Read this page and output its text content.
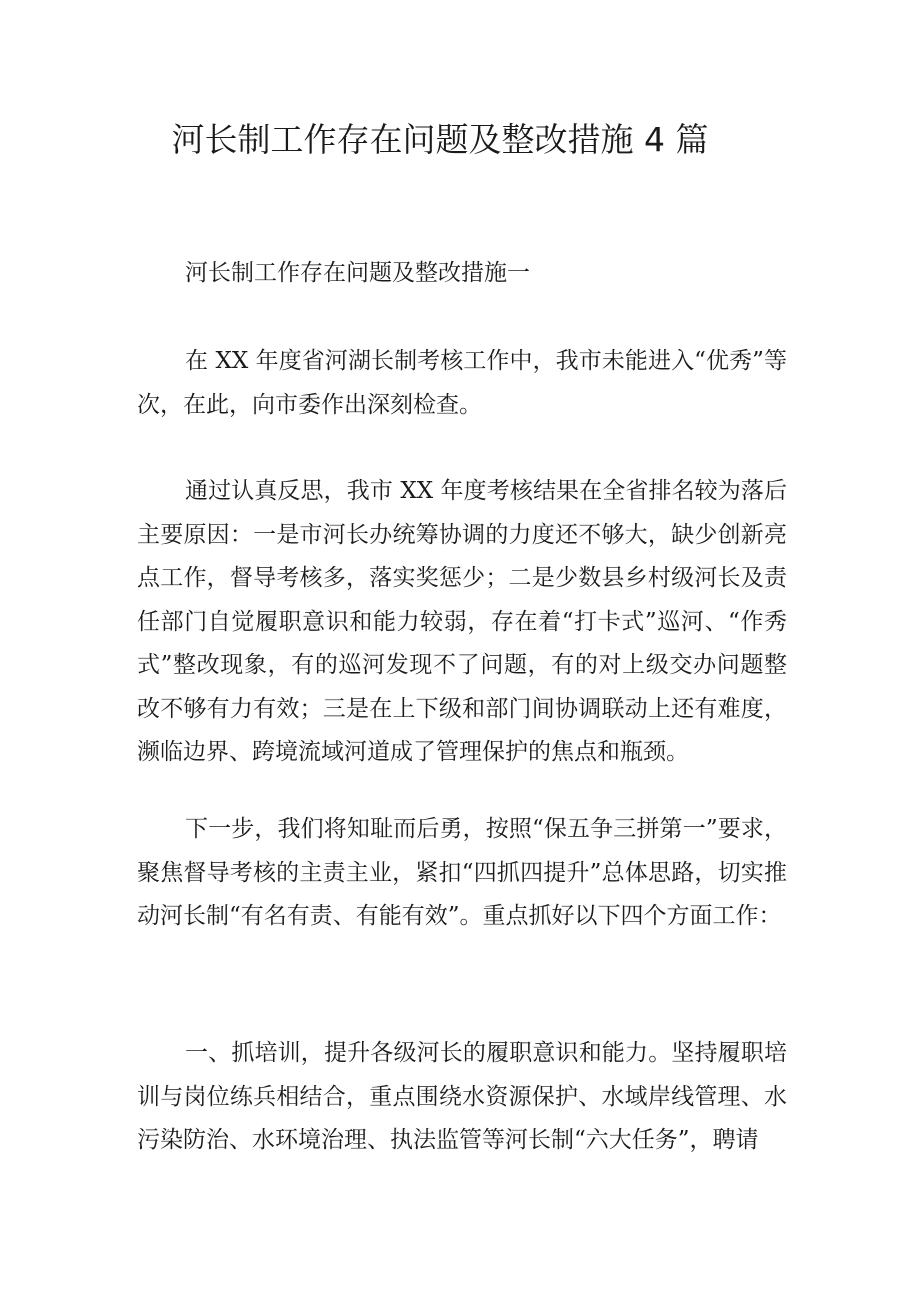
河长制工作存在问题及整改措施 4 篇

河长制工作存在问题及整改措施一

在 XX 年度省河湖长制考核工作中，我市未能进入“优秀”等次，在此，向市委作出深刻检查。

通过认真反思，我市 XX 年度考核结果在全省排名较为落后主要原因：一是市河长办统筹协调的力度还不够大，缺少创新亮点工作，督导考核多，落实奖惩少；二是少数县乡村级河长及责任部门自觉履职意识和能力较弱，存在着“打卡式”巡河、“作秀式”整改现象，有的巡河发现不了问题，有的对上级交办问题整改不够有力有效；三是在上下级和部门间协调联动上还有难度，濒临边界、跨境流域河道成了管理保护的焦点和瓶颈。

下一步，我们将知耻而后勇，按照“保五争三拼第一”要求，聚焦督导考核的主责主业，紧扣“四抓四提升”总体思路，切实推动河长制“有名有责、有能有效”。重点抓好以下四个方面工作：

一、抓培训，提升各级河长的履职意识和能力。坚持履职培训与岗位练兵相结合，重点围绕水资源保护、水域岸线管理、水污染防治、水环境治理、执法监管等河长制“六大任务”，聘请
